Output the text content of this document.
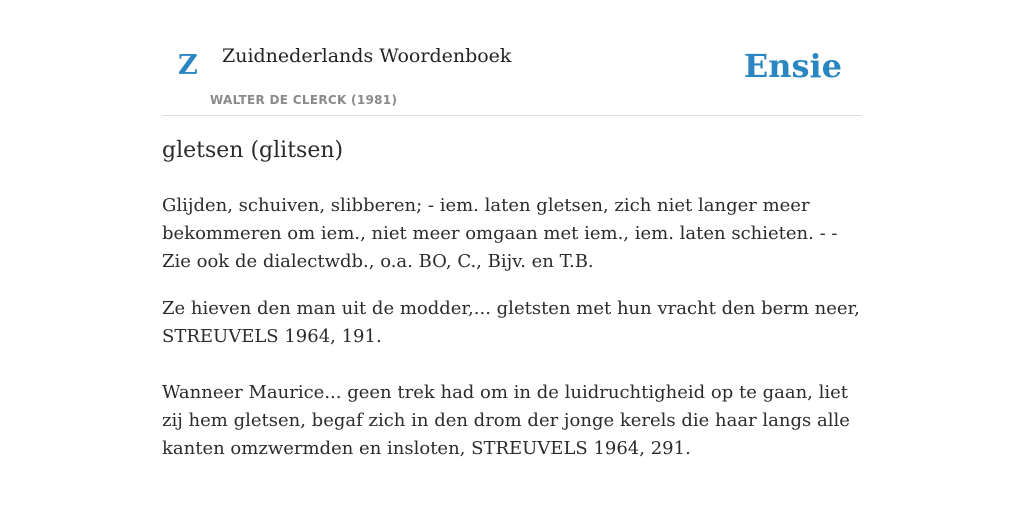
Z Zuidnederlands Woordenboek
WALTER DE CLERCK (1981)
Ensie
gletsen (glitsen)

Glijden, schuiven, slibberen; - iem. laten gletsen, zich niet langer meer bekommeren om iem., niet meer omgaan met iem., iem. laten schieten. - - Zie ook de dialectwdb., o.a. BO, C., Bijv. en T.B.

Ze hieven den man uit de modder,... gletsten met hun vracht den berm neer, STREUVELS 1964, 191.

Wanneer Maurice... geen trek had om in de luidruchtigheid op te gaan, liet zij hem gletsen, begaf zich in den drom der jonge kerels die haar langs alle kanten omzwermden en insloten, STREUVELS 1964, 291.
